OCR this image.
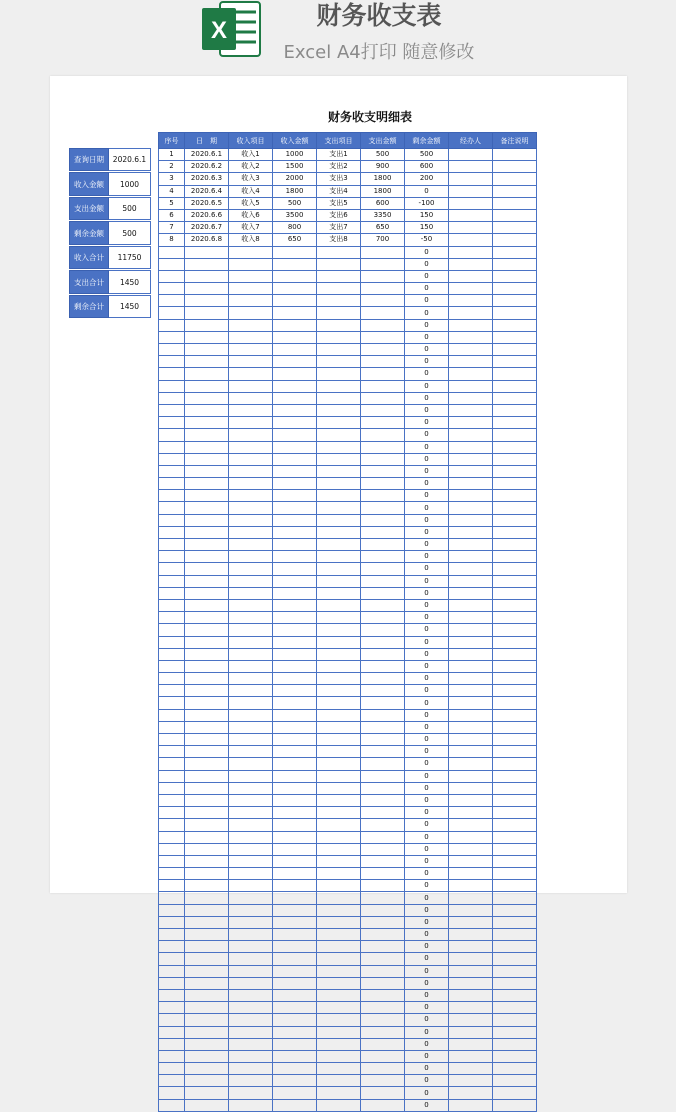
X
财务收支表
Excel A4打印 随意修改
财务收支明细表
查询日期	2020.6.1
收入金额	1000
支出金额	500
剩余金额	500
收入合计	11750
支出合计	1450
剩余合计	1450
序号	日　期	收入项目	收入金额	支出项目	支出金额	剩余金额	经办人	备注说明
1	2020.6.1	收入1	1000	支出1	500	500		
2	2020.6.2	收入2	1500	支出2	900	600		
3	2020.6.3	收入3	2000	支出3	1800	200		
4	2020.6.4	收入4	1800	支出4	1800	0		
5	2020.6.5	收入5	500	支出5	600	-100		
6	2020.6.6	收入6	3500	支出6	3350	150		
7	2020.6.7	收入7	800	支出7	650	150		
8	2020.6.8	收入8	650	支出8	700	-50		
						0		
						0		
						0		
						0		
						0		
						0		
						0		
						0		
						0		
						0		
						0		
						0		
						0		
						0		
						0		
						0		
						0		
						0		
						0		
						0		
						0		
						0		
						0		
						0		
						0		
						0		
						0		
						0		
						0		
						0		
						0		
						0		
						0		
						0		
						0		
						0		
						0		
						0		
						0		
						0		
						0		
						0		
						0		
						0		
						0		
						0		
						0		
						0		
						0		
						0		
						0		
						0		
						0		
						0		
						0		
						0		
						0		
						0		
						0		
						0		
						0		
						0		
						0		
						0		
						0		
						0		
						0		
						0		
						0		
						0		
						0		
